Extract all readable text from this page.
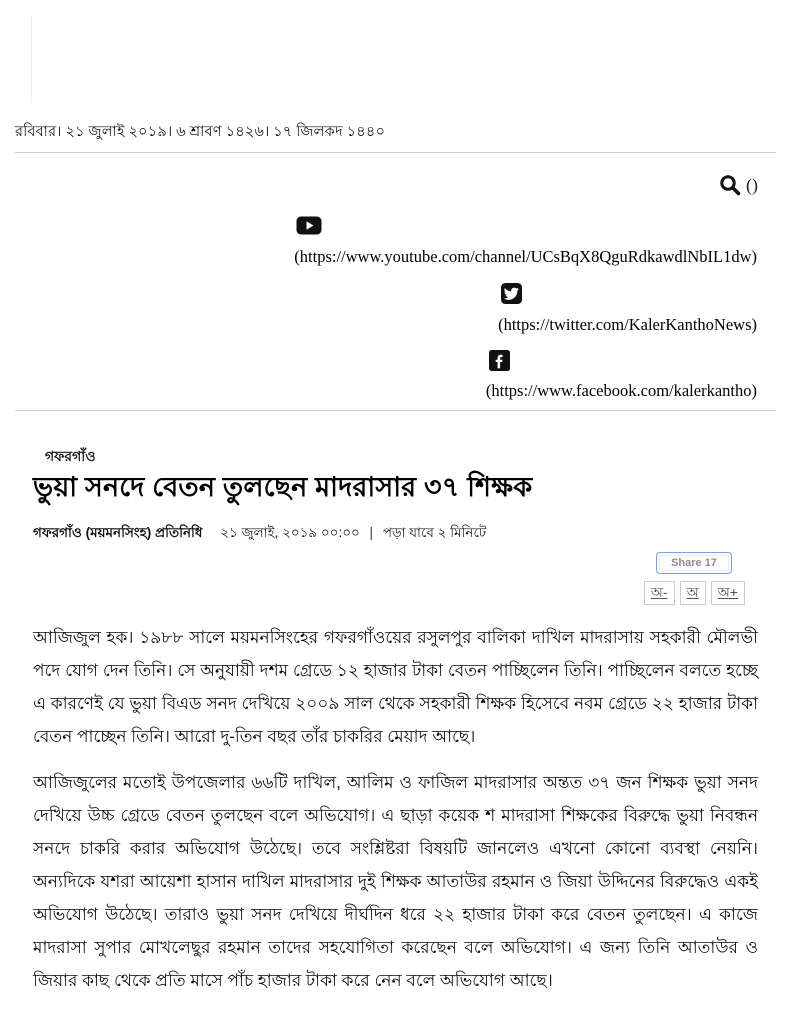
রবিবার। ২১ জুলাই ২০১৯। ৬ শ্রাবণ ১৪২৬। ১৭ জিলকদ ১৪৪০
()
(https://www.youtube.com/channel/UCsBqX8QguRdkawdlNbIL1dw)
(https://twitter.com/KalerKanthoNews)
(https://www.facebook.com/kalerkantho)
গফরগাঁও
ভুয়া সনদে বেতন তুলছেন মাদরাসার ৩৭ শিক্ষক
গফরগাঁও (ময়মনসিংহ) প্রতিনিধি ২১ জুলাই, ২০১৯ ০০:০০ | পড়া যাবে ২ মিনিটে
Share 17
অ-	অ	অ+

আজিজুল হক। ১৯৮৮ সালে ময়মনসিংহের গফরগাঁওয়ের রসুলপুর বালিকা দাখিল মাদরাসায় সহকারী মৌলভী পদে যোগ দেন তিনি। সে অনুযায়ী দশম গ্রেডে ১২ হাজার টাকা বেতন পাচ্ছিলেন তিনি। পাচ্ছিলেন বলতে হচ্ছে এ কারণেই যে ভুয়া বিএড সনদ দেখিয়ে ২০০৯ সাল থেকে সহকারী শিক্ষক হিসেবে নবম গ্রেডে ২২ হাজার টাকা বেতন পাচ্ছেন তিনি। আরো দু-তিন বছর তাঁর চাকরির মেয়াদ আছে।

আজিজুলের মতোই উপজেলার ৬৬টি দাখিল, আলিম ও ফাজিল মাদরাসার অন্তত ৩৭ জন শিক্ষক ভুয়া সনদ দেখিয়ে উচ্চ গ্রেডে বেতন তুলছেন বলে অভিযোগ। এ ছাড়া কয়েক শ মাদরাসা শিক্ষকের বিরুদ্ধে ভুয়া নিবন্ধন সনদে চাকরি করার অভিযোগ উঠেছে। তবে সংশ্লিষ্টরা বিষয়টি জানলেও এখনো কোনো ব্যবস্থা নেয়নি। অন্যদিকে যশরা আয়েশা হাসান দাখিল মাদরাসার দুই শিক্ষক আতাউর রহমান ও জিয়া উদ্দিনের বিরুদ্ধেও একই অভিযোগ উঠেছে। তারাও ভুয়া সনদ দেখিয়ে দীর্ঘদিন ধরে ২২ হাজার টাকা করে বেতন তুলছেন। এ কাজে মাদরাসা সুপার মোখলেছুর রহমান তাদের সহযোগিতা করেছেন বলে অভিযোগ। এ জন্য তিনি আতাউর ও জিয়ার কাছ থেকে প্রতি মাসে পাঁচ হাজার টাকা করে নেন বলে অভিযোগ আছে।
